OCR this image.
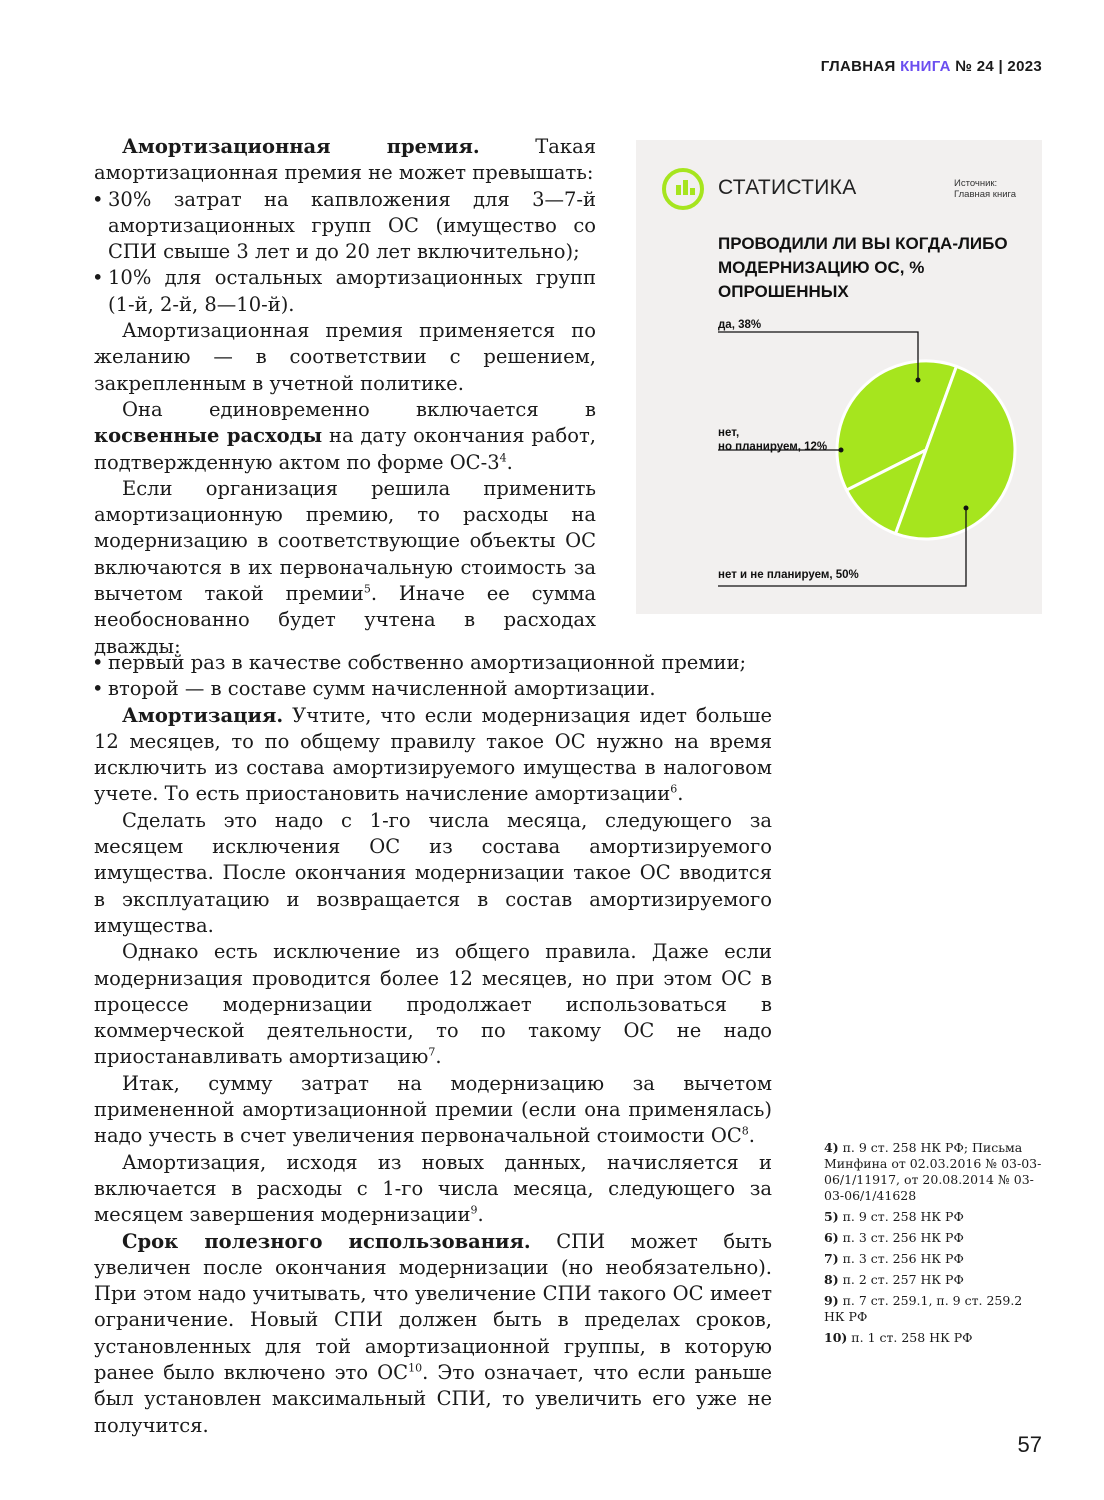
ГЛАВНАЯ КНИГА № 24 | 2023

Амортизационная премия. Такая амортизационная премия не может превышать:

• 30% затрат на капвложения для 3—7-й амортизационных групп ОС (имущество со СПИ свыше 3 лет и до 20 лет включительно);
• 10% для остальных амортизационных групп (1-й, 2-й, 8—10-й).

Амортизационная премия применяется по желанию — в соответствии с решением, закрепленным в учетной политике.

Она единовременно включается в косвенные расходы на дату окончания работ, подтвержденную актом по форме $ОС-3^4$.

Если организация решила применить амортизационную премию, то расходы на модернизацию в соответствующие объекты ОС включаются в их первоначальную стоимость за вычетом такой премии$^5$. Иначе ее сумма необоснованно будет учтена в расходах дважды:

• первый раз в качестве собственно амортизационной премии;
• второй — в составе сумм начисленной амортизации.

Амортизация. Учтите, что если модернизация идет больше 12 месяцев, то по общему правилу такое ОС нужно на время исключить из состава амортизируемого имущества в налоговом учете. То есть приостановить начисление амортизации$^6$.

Сделать это надо с 1-го числа месяца, следующего за месяцем исключения ОС из состава амортизируемого имущества. После окончания модернизации такое ОС вводится в эксплуатацию и возвращается в состав амортизируемого имущества.

Однако есть исключение из общего правила. Даже если модернизация проводится более 12 месяцев, но при этом ОС в процессе модернизации продолжает использоваться в коммерческой деятельности, то по такому ОС не надо приостанавливать амортизацию$^7$.

Итак, сумму затрат на модернизацию за вычетом примененной амортизационной премии (если она применялась) надо учесть в счет увеличения первоначальной стоимости $ОС^8$.

Амортизация, исходя из новых данных, начисляется и включается в расходы с 1-го числа месяца, следующего за месяцем завершения модернизации$^9$.

Срок полезного использования. СПИ может быть увеличен после окончания модернизации (но необязательно). При этом надо учитывать, что увеличение СПИ такого ОС имеет ограничение. Новый СПИ должен быть в пределах сроков, установленных для той амортизационной группы, в которую ранее было включено это ОС$^{10}$. Это означает, что если раньше был установлен максимальный СПИ, то увеличить его уже не получится.

СТАТИСТИКА	Источник:
Главная книга
ПРОВОДИЛИ ЛИ ВЫ КОГДА-ЛИБО МОДЕРНИЗАЦИЮ ОС, % ОПРОШЕННЫХ
да, 38%
нет,
но планируем, 12%
нет и не планируем, 50%
4) п. 9 ст. 258 НК РФ; Письма Минфина от 02.03.2016 № 03-03-06/1/11917, от 20.08.2014 № 03-03-06/1/41628
5) п. 9 ст. 258 НК РФ
6) п. 3 ст. 256 НК РФ
7) п. 3 ст. 256 НК РФ
8) п. 2 ст. 257 НК РФ
9) п. 7 ст. 259.1, п. 9 ст. 259.2 НК РФ
10) п. 1 ст. 258 НК РФ
57
